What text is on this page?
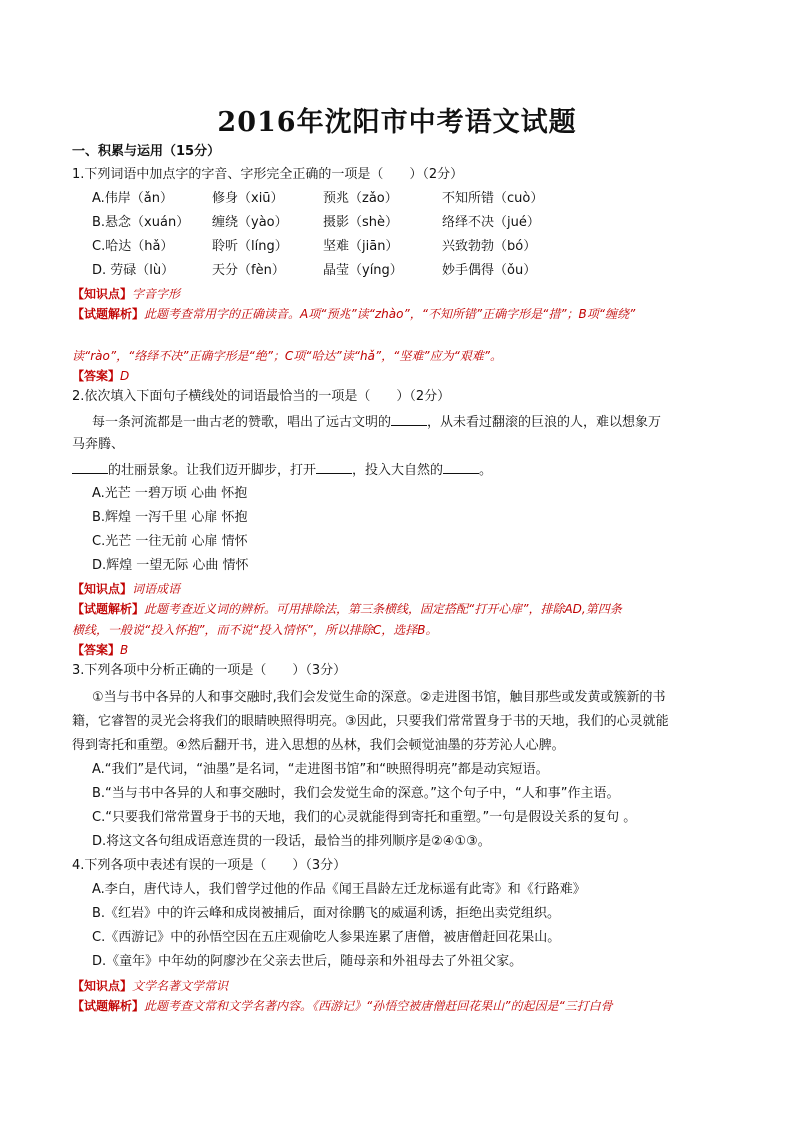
2016年沈阳市中考语文试题
一、积累与运用（15分）
1.下列词语中加点字的字音、字形完全正确的一项是（　　）（2分）
A.伟岸（ǎn）	修身（xiū）	预兆（zǎo）	不知所错（cuò）
B.悬念（xuán） 缠绕（yào）	摄影（shè）	络绎不决（jué）
C.哈达（hǎ）	聆听（líng）	坚难（jiān）	兴致勃勃（bó）
D. 劳碌（lù）	天分（fèn）	晶莹（yíng）	妙手偶得（ǒu）
【知识点】字音字形
【试题解析】此题考查常用字的正确读音。A项“预兆”读“zhào”，“不知所错”正确字形是“措”；B项“缠绕”
读“rào”，“络绎不决”正确字形是“绝”；C项“哈达”读“hǎ”，“坚难”应为“艰难”。
【答案】D
2.依次填入下面句子横线处的词语最恰当的一项是（　　）（2分）
每一条河流都是一曲古老的赞歌，唱出了远古文明的	，从未看过翻滚的巨浪的人，难以想象万
马奔腾、
的壮丽景象。让我们迈开脚步，打开	，投入大自然的	。
A.光芒 一碧万顷 心曲 怀抱
B.辉煌 一泻千里 心扉 怀抱
C.光芒 一往无前 心扉 情怀
D.辉煌 一望无际 心曲 情怀
【知识点】词语成语
【试题解析】此题考查近义词的辨析。可用排除法，第三条横线，固定搭配“打开心扉”，排除AD,第四条
横线，一般说“投入怀抱”，而不说“投入情怀”，所以排除C，选择B。
【答案】B
3.下列各项中分析正确的一项是（　　）（3分）
①当与书中各异的人和事交融时,我们会发觉生命的深意。②走进图书馆，触目那些或发黄或簇新的书
籍，它睿智的灵光会将我们的眼睛映照得明亮。③因此，只要我们常常置身于书的天地，我们的心灵就能
得到寄托和重塑。④然后翻开书，进入思想的丛林，我们会顿觉油墨的芬芳沁人心脾。
A.“我们”是代词，“油墨”是名词，“走进图书馆”和“映照得明亮”都是动宾短语。
B.“当与书中各异的人和事交融时，我们会发觉生命的深意。”这个句子中，“人和事”作主语。
C.“只要我们常常置身于书的天地，我们的心灵就能得到寄托和重塑。”一句是假设关系的复句 。
D.将这文各句组成语意连贯的一段话，最恰当的排列顺序是②④①③。
4.下列各项中表述有误的一项是（　　）（3分）
A.李白，唐代诗人，我们曾学过他的作品《闻王昌龄左迁龙标遥有此寄》和《行路难》
B.《红岩》中的许云峰和成岗被捕后，面对徐鹏飞的威逼利诱，拒绝出卖党组织。
C.《西游记》中的孙悟空因在五庄观偷吃人参果连累了唐僧，被唐僧赶回花果山。
D.《童年》中年幼的阿廖沙在父亲去世后，随母亲和外祖母去了外祖父家。
【知识点】文学名著文学常识
【试题解析】此题考查文常和文学名著内容。《西游记》“孙悟空被唐僧赶回花果山”的起因是“三打白骨
